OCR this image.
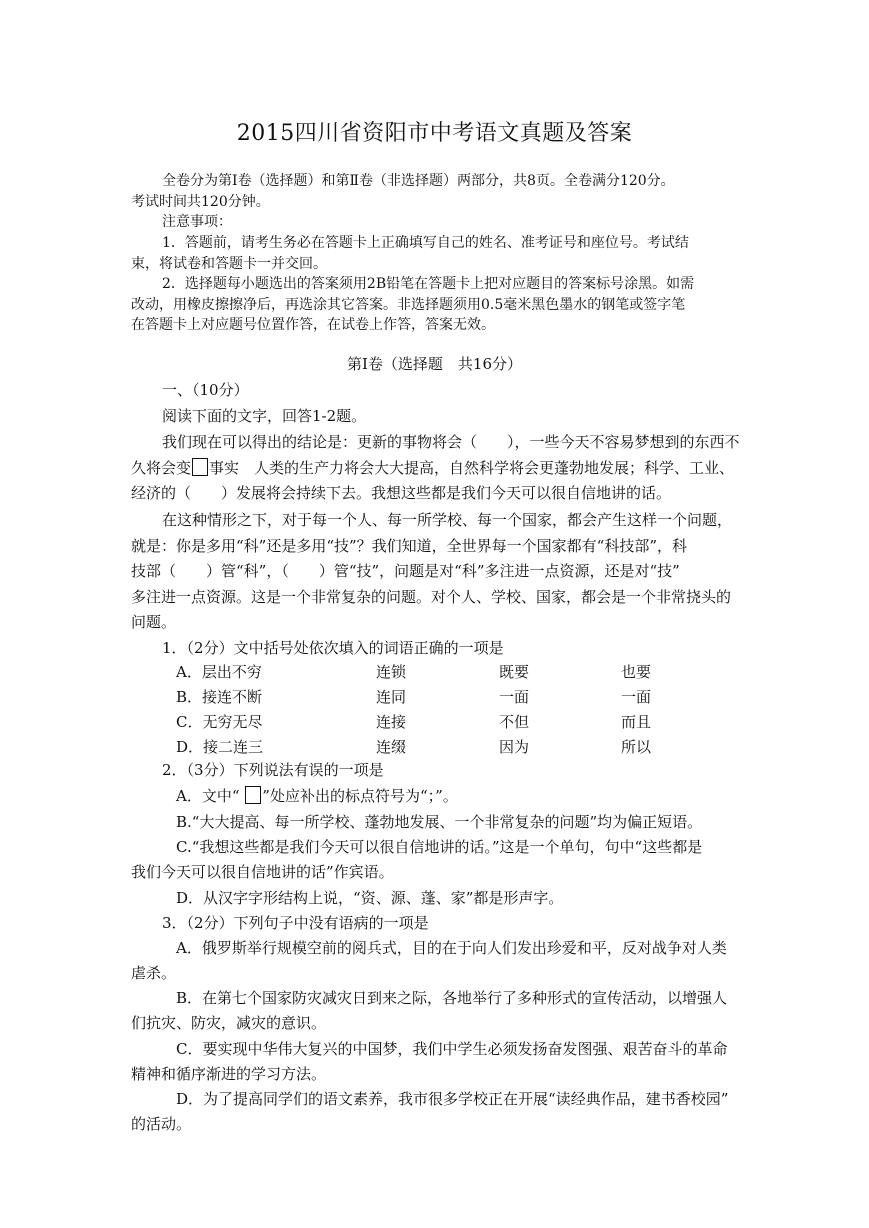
2015四川省资阳市中考语文真题及答案
全卷分为第Ⅰ卷（选择题）和第Ⅱ卷（非选择题）两部分，共8页。全卷满分120分。
考试时间共120分钟。
注意事项：
1．答题前，请考生务必在答题卡上正确填写自己的姓名、准考证号和座位号。考试结
束，将试卷和答题卡一并交回。
2．选择题每小题选出的答案须用2B铅笔在答题卡上把对应题目的答案标号涂黑。如需
改动，用橡皮擦擦净后，再选涂其它答案。非选择题须用0.5毫米黑色墨水的钢笔或签字笔
在答题卡上对应题号位置作答，在试卷上作答，答案无效。
第Ⅰ卷（选择题　共16分）
一、（10分）
阅读下面的文字，回答1-2题。
我们现在可以得出的结论是：更新的事物将会（　　），一些今天不容易梦想到的东西不
久将会变 事实　人类的生产力将会大大提高，自然科学将会更蓬勃地发展；科学、工业、
经济的（　　）发展将会持续下去。我想这些都是我们今天可以很自信地讲的话。
在这种情形之下，对于每一个人、每一所学校、每一个国家，都会产生这样一个问题，
就是：你是多用“科”还是多用“技”？我们知道，全世界每一个国家都有“科技部”，科
技部（　　）管“科”，（　　）管“技”，问题是对“科”多注进一点资源，还是对“技”
多注进一点资源。这是一个非常复杂的问题。对个人、学校、国家，都会是一个非常挠头的
问题。
1．（2分）文中括号处依次填入的词语正确的一项是
A．层出不穷	连锁	既要	也要
B．接连不断	连同	一面	一面
C．无穷无尽	连接	不但	而且
D．接二连三	连缀	因为	所以
2．（3分）下列说法有误的一项是
A．文中“ ”处应补出的标点符号为“；”。
B.“大大提高、每一所学校、蓬勃地发展、一个非常复杂的问题”均为偏正短语。
C.“我想这些都是我们今天可以很自信地讲的话。”这是一个单句，句中“这些都是
我们今天可以很自信地讲的话”作宾语。
D．从汉字字形结构上说，“资、源、蓬、家”都是形声字。
3．（2分）下列句子中没有语病的一项是
A．俄罗斯举行规模空前的阅兵式，目的在于向人们发出珍爱和平，反对战争对人类
虐杀。
B．在第七个国家防灾减灾日到来之际，各地举行了多种形式的宣传活动，以增强人
们抗灾、防灾，减灾的意识。
C．要实现中华伟大复兴的中国梦，我们中学生必须发扬奋发图强、艰苦奋斗的革命
精神和循序渐进的学习方法。
D．为了提高同学们的语文素养，我市很多学校正在开展“读经典作品，建书香校园”
的活动。
